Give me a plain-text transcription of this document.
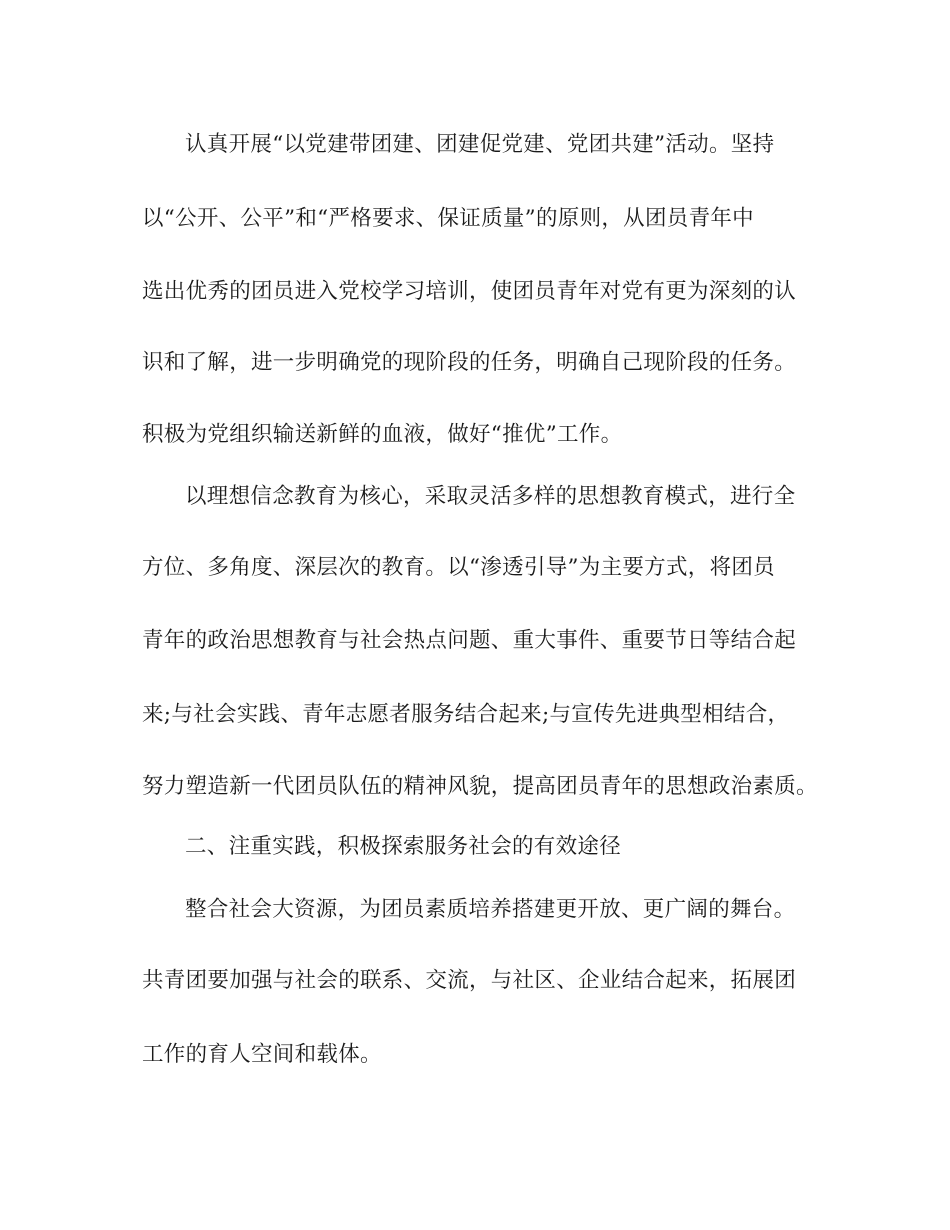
认真开展“以党建带团建、团建促党建、党团共建”活动。坚持
以“公开、公平”和“严格要求、保证质量”的原则，从团员青年中
选出优秀的团员进入党校学习培训，使团员青年对党有更为深刻的认
识和了解，进一步明确党的现阶段的任务，明确自己现阶段的任务。
积极为党组织输送新鲜的血液，做好“推优”工作。
以理想信念教育为核心，采取灵活多样的思想教育模式，进行全
方位、多角度、深层次的教育。以“渗透引导”为主要方式，将团员
青年的政治思想教育与社会热点问题、重大事件、重要节日等结合起
来;与社会实践、青年志愿者服务结合起来;与宣传先进典型相结合，
努力塑造新一代团员队伍的精神风貌，提高团员青年的思想政治素质。
二、注重实践，积极探索服务社会的有效途径
整合社会大资源，为团员素质培养搭建更开放、更广阔的舞台。
共青团要加强与社会的联系、交流，与社区、企业结合起来，拓展团
工作的育人空间和载体。
